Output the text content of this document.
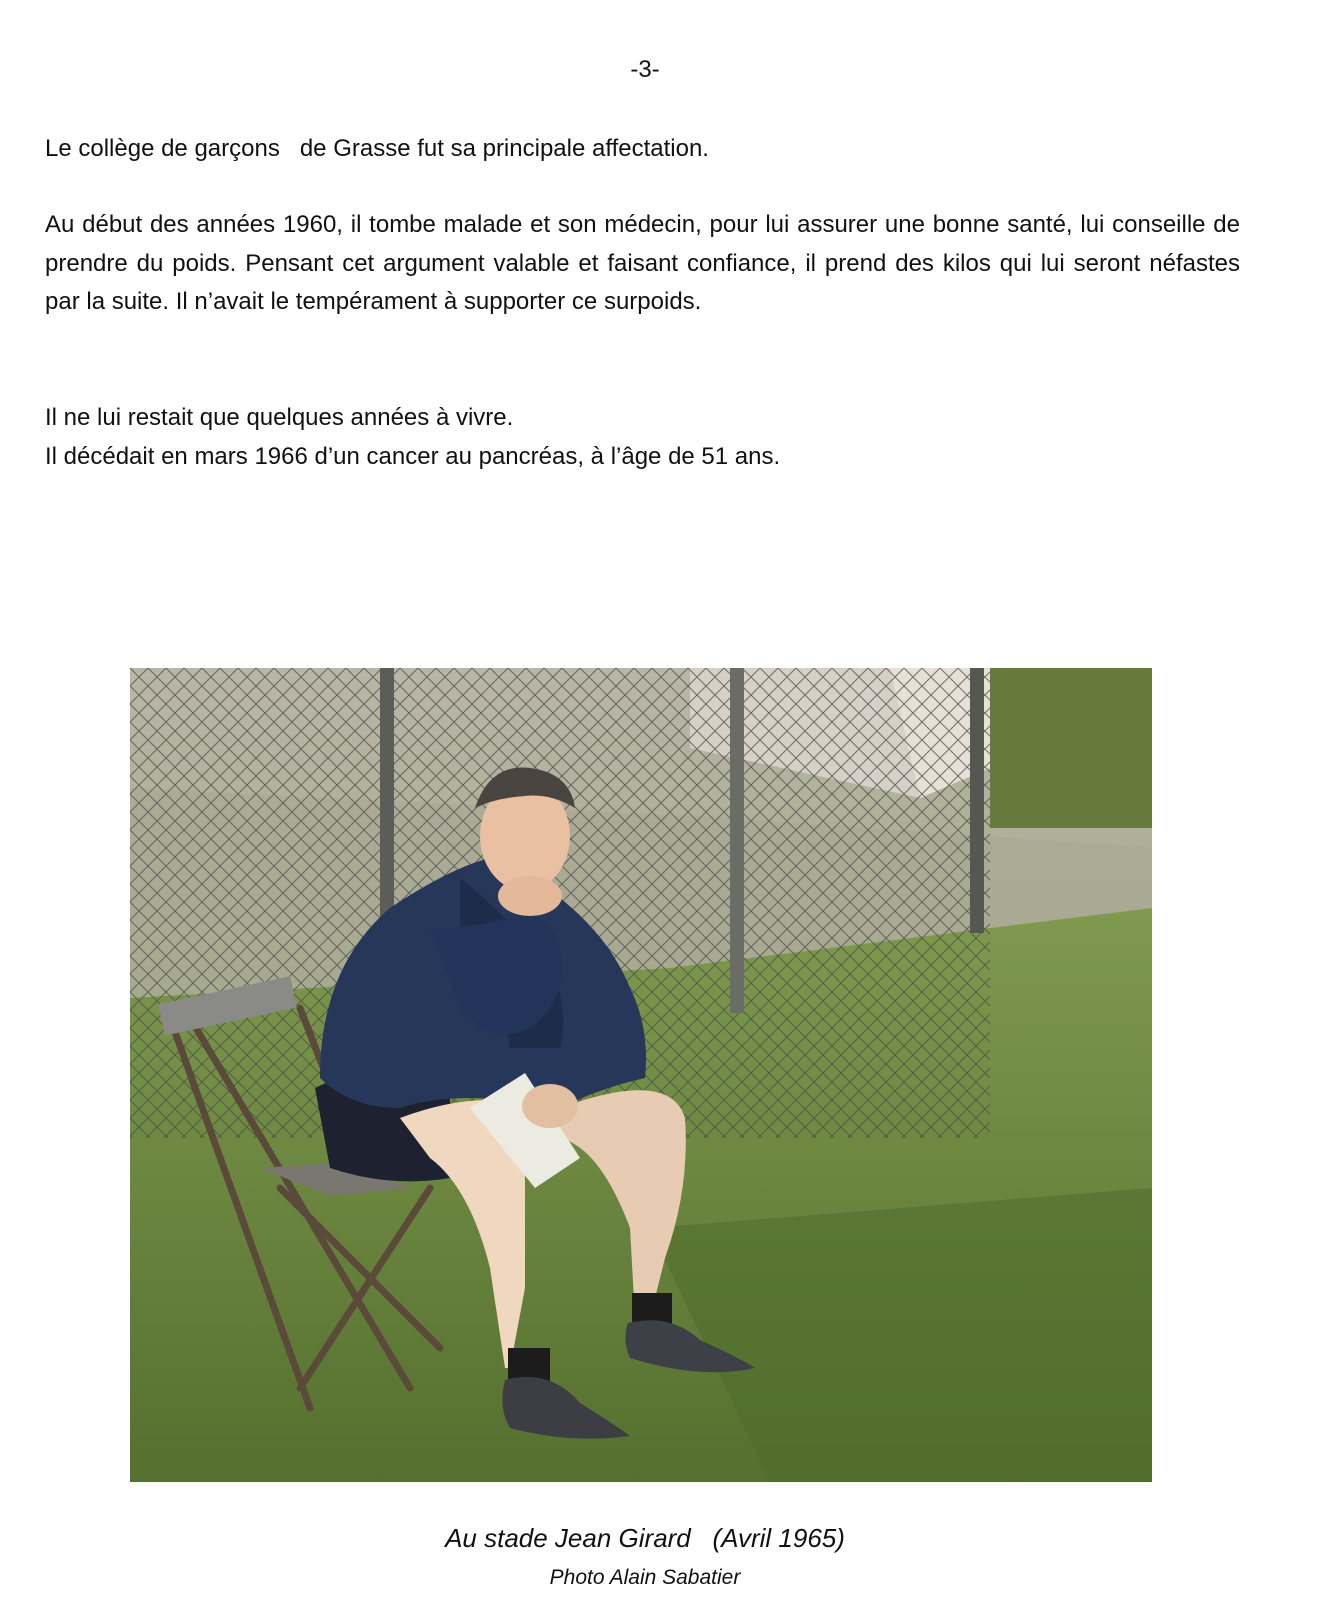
-3-

Le collège de garçons   de Grasse fut sa principale affectation.

Au début des années 1960, il tombe malade et son médecin, pour lui assurer une bonne santé, lui conseille de prendre du poids. Pensant cet argument valable et faisant confiance, il prend des kilos qui lui seront néfastes par la suite. Il n’avait le tempérament à supporter ce surpoids.

Il ne lui restait que quelques années à vivre.

Il décédait en mars 1966 d’un cancer au pancréas, à l’âge de 51 ans.

Au stade Jean Girard   (Avril 1965)
Photo Alain Sabatier
